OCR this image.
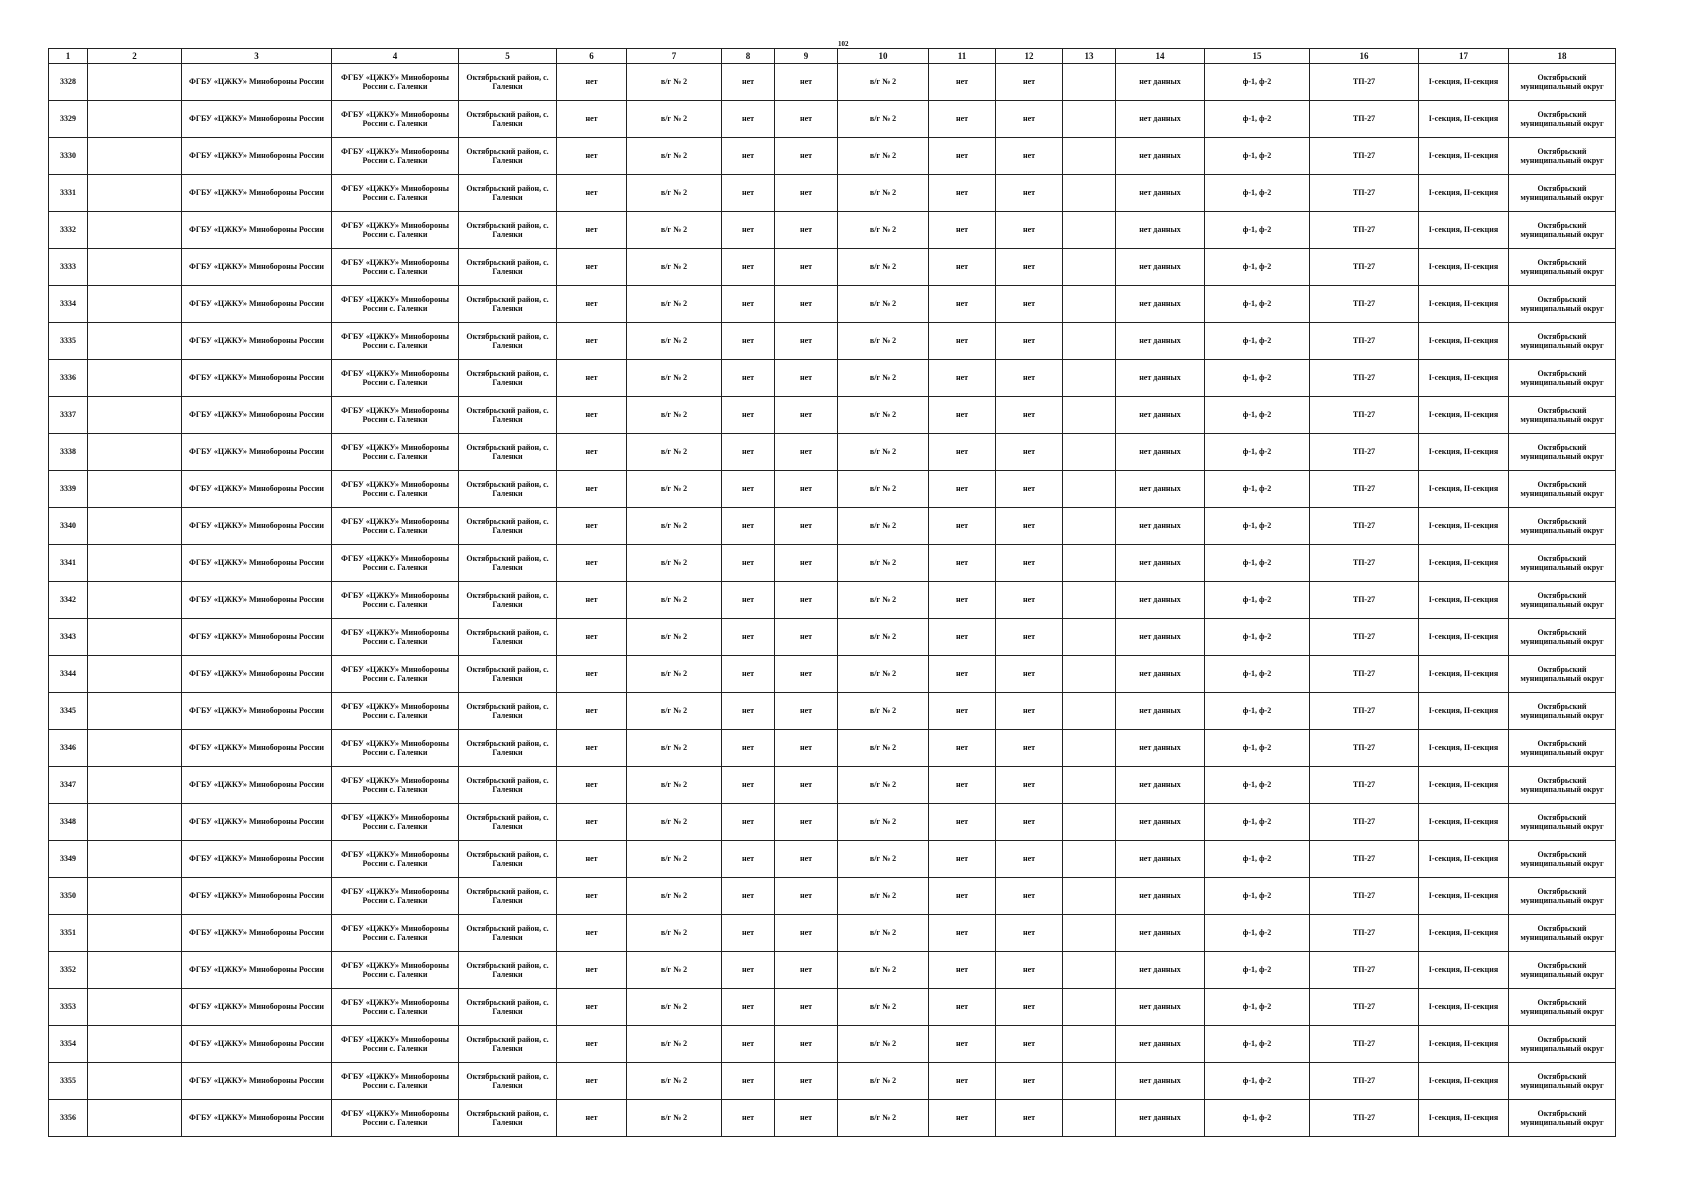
102
1	2	3	4	5	6	7	8	9	10	11	12	13	14	15	16	17	18
3328		ФГБУ «ЦЖКУ» Минобороны России	ФГБУ «ЦЖКУ» Минобороны России с. Галенки	Октябрьский район, с. Галенки	нет	в/г № 2	нет	нет	в/г № 2	нет	нет		нет данных	ф-1, ф-2	ТП-27	I-секция, II-секция	Октябрьский муниципальный округ
3329		ФГБУ «ЦЖКУ» Минобороны России	ФГБУ «ЦЖКУ» Минобороны России с. Галенки	Октябрьский район, с. Галенки	нет	в/г № 2	нет	нет	в/г № 2	нет	нет		нет данных	ф-1, ф-2	ТП-27	I-секция, II-секция	Октябрьский муниципальный округ
3330		ФГБУ «ЦЖКУ» Минобороны России	ФГБУ «ЦЖКУ» Минобороны России с. Галенки	Октябрьский район, с. Галенки	нет	в/г № 2	нет	нет	в/г № 2	нет	нет		нет данных	ф-1, ф-2	ТП-27	I-секция, II-секция	Октябрьский муниципальный округ
3331		ФГБУ «ЦЖКУ» Минобороны России	ФГБУ «ЦЖКУ» Минобороны России с. Галенки	Октябрьский район, с. Галенки	нет	в/г № 2	нет	нет	в/г № 2	нет	нет		нет данных	ф-1, ф-2	ТП-27	I-секция, II-секция	Октябрьский муниципальный округ
3332		ФГБУ «ЦЖКУ» Минобороны России	ФГБУ «ЦЖКУ» Минобороны России с. Галенки	Октябрьский район, с. Галенки	нет	в/г № 2	нет	нет	в/г № 2	нет	нет		нет данных	ф-1, ф-2	ТП-27	I-секция, II-секция	Октябрьский муниципальный округ
3333		ФГБУ «ЦЖКУ» Минобороны России	ФГБУ «ЦЖКУ» Минобороны России с. Галенки	Октябрьский район, с. Галенки	нет	в/г № 2	нет	нет	в/г № 2	нет	нет		нет данных	ф-1, ф-2	ТП-27	I-секция, II-секция	Октябрьский муниципальный округ
3334		ФГБУ «ЦЖКУ» Минобороны России	ФГБУ «ЦЖКУ» Минобороны России с. Галенки	Октябрьский район, с. Галенки	нет	в/г № 2	нет	нет	в/г № 2	нет	нет		нет данных	ф-1, ф-2	ТП-27	I-секция, II-секция	Октябрьский муниципальный округ
3335		ФГБУ «ЦЖКУ» Минобороны России	ФГБУ «ЦЖКУ» Минобороны России с. Галенки	Октябрьский район, с. Галенки	нет	в/г № 2	нет	нет	в/г № 2	нет	нет		нет данных	ф-1, ф-2	ТП-27	I-секция, II-секция	Октябрьский муниципальный округ
3336		ФГБУ «ЦЖКУ» Минобороны России	ФГБУ «ЦЖКУ» Минобороны России с. Галенки	Октябрьский район, с. Галенки	нет	в/г № 2	нет	нет	в/г № 2	нет	нет		нет данных	ф-1, ф-2	ТП-27	I-секция, II-секция	Октябрьский муниципальный округ
3337		ФГБУ «ЦЖКУ» Минобороны России	ФГБУ «ЦЖКУ» Минобороны России с. Галенки	Октябрьский район, с. Галенки	нет	в/г № 2	нет	нет	в/г № 2	нет	нет		нет данных	ф-1, ф-2	ТП-27	I-секция, II-секция	Октябрьский муниципальный округ
3338		ФГБУ «ЦЖКУ» Минобороны России	ФГБУ «ЦЖКУ» Минобороны России с. Галенки	Октябрьский район, с. Галенки	нет	в/г № 2	нет	нет	в/г № 2	нет	нет		нет данных	ф-1, ф-2	ТП-27	I-секция, II-секция	Октябрьский муниципальный округ
3339		ФГБУ «ЦЖКУ» Минобороны России	ФГБУ «ЦЖКУ» Минобороны России с. Галенки	Октябрьский район, с. Галенки	нет	в/г № 2	нет	нет	в/г № 2	нет	нет		нет данных	ф-1, ф-2	ТП-27	I-секция, II-секция	Октябрьский муниципальный округ
3340		ФГБУ «ЦЖКУ» Минобороны России	ФГБУ «ЦЖКУ» Минобороны России с. Галенки	Октябрьский район, с. Галенки	нет	в/г № 2	нет	нет	в/г № 2	нет	нет		нет данных	ф-1, ф-2	ТП-27	I-секция, II-секция	Октябрьский муниципальный округ
3341		ФГБУ «ЦЖКУ» Минобороны России	ФГБУ «ЦЖКУ» Минобороны России с. Галенки	Октябрьский район, с. Галенки	нет	в/г № 2	нет	нет	в/г № 2	нет	нет		нет данных	ф-1, ф-2	ТП-27	I-секция, II-секция	Октябрьский муниципальный округ
3342		ФГБУ «ЦЖКУ» Минобороны России	ФГБУ «ЦЖКУ» Минобороны России с. Галенки	Октябрьский район, с. Галенки	нет	в/г № 2	нет	нет	в/г № 2	нет	нет		нет данных	ф-1, ф-2	ТП-27	I-секция, II-секция	Октябрьский муниципальный округ
3343		ФГБУ «ЦЖКУ» Минобороны России	ФГБУ «ЦЖКУ» Минобороны России с. Галенки	Октябрьский район, с. Галенки	нет	в/г № 2	нет	нет	в/г № 2	нет	нет		нет данных	ф-1, ф-2	ТП-27	I-секция, II-секция	Октябрьский муниципальный округ
3344		ФГБУ «ЦЖКУ» Минобороны России	ФГБУ «ЦЖКУ» Минобороны России с. Галенки	Октябрьский район, с. Галенки	нет	в/г № 2	нет	нет	в/г № 2	нет	нет		нет данных	ф-1, ф-2	ТП-27	I-секция, II-секция	Октябрьский муниципальный округ
3345		ФГБУ «ЦЖКУ» Минобороны России	ФГБУ «ЦЖКУ» Минобороны России с. Галенки	Октябрьский район, с. Галенки	нет	в/г № 2	нет	нет	в/г № 2	нет	нет		нет данных	ф-1, ф-2	ТП-27	I-секция, II-секция	Октябрьский муниципальный округ
3346		ФГБУ «ЦЖКУ» Минобороны России	ФГБУ «ЦЖКУ» Минобороны России с. Галенки	Октябрьский район, с. Галенки	нет	в/г № 2	нет	нет	в/г № 2	нет	нет		нет данных	ф-1, ф-2	ТП-27	I-секция, II-секция	Октябрьский муниципальный округ
3347		ФГБУ «ЦЖКУ» Минобороны России	ФГБУ «ЦЖКУ» Минобороны России с. Галенки	Октябрьский район, с. Галенки	нет	в/г № 2	нет	нет	в/г № 2	нет	нет		нет данных	ф-1, ф-2	ТП-27	I-секция, II-секция	Октябрьский муниципальный округ
3348		ФГБУ «ЦЖКУ» Минобороны России	ФГБУ «ЦЖКУ» Минобороны России с. Галенки	Октябрьский район, с. Галенки	нет	в/г № 2	нет	нет	в/г № 2	нет	нет		нет данных	ф-1, ф-2	ТП-27	I-секция, II-секция	Октябрьский муниципальный округ
3349		ФГБУ «ЦЖКУ» Минобороны России	ФГБУ «ЦЖКУ» Минобороны России с. Галенки	Октябрьский район, с. Галенки	нет	в/г № 2	нет	нет	в/г № 2	нет	нет		нет данных	ф-1, ф-2	ТП-27	I-секция, II-секция	Октябрьский муниципальный округ
3350		ФГБУ «ЦЖКУ» Минобороны России	ФГБУ «ЦЖКУ» Минобороны России с. Галенки	Октябрьский район, с. Галенки	нет	в/г № 2	нет	нет	в/г № 2	нет	нет		нет данных	ф-1, ф-2	ТП-27	I-секция, II-секция	Октябрьский муниципальный округ
3351		ФГБУ «ЦЖКУ» Минобороны России	ФГБУ «ЦЖКУ» Минобороны России с. Галенки	Октябрьский район, с. Галенки	нет	в/г № 2	нет	нет	в/г № 2	нет	нет		нет данных	ф-1, ф-2	ТП-27	I-секция, II-секция	Октябрьский муниципальный округ
3352		ФГБУ «ЦЖКУ» Минобороны России	ФГБУ «ЦЖКУ» Минобороны России с. Галенки	Октябрьский район, с. Галенки	нет	в/г № 2	нет	нет	в/г № 2	нет	нет		нет данных	ф-1, ф-2	ТП-27	I-секция, II-секция	Октябрьский муниципальный округ
3353		ФГБУ «ЦЖКУ» Минобороны России	ФГБУ «ЦЖКУ» Минобороны России с. Галенки	Октябрьский район, с. Галенки	нет	в/г № 2	нет	нет	в/г № 2	нет	нет		нет данных	ф-1, ф-2	ТП-27	I-секция, II-секция	Октябрьский муниципальный округ
3354		ФГБУ «ЦЖКУ» Минобороны России	ФГБУ «ЦЖКУ» Минобороны России с. Галенки	Октябрьский район, с. Галенки	нет	в/г № 2	нет	нет	в/г № 2	нет	нет		нет данных	ф-1, ф-2	ТП-27	I-секция, II-секция	Октябрьский муниципальный округ
3355		ФГБУ «ЦЖКУ» Минобороны России	ФГБУ «ЦЖКУ» Минобороны России с. Галенки	Октябрьский район, с. Галенки	нет	в/г № 2	нет	нет	в/г № 2	нет	нет		нет данных	ф-1, ф-2	ТП-27	I-секция, II-секция	Октябрьский муниципальный округ
3356		ФГБУ «ЦЖКУ» Минобороны России	ФГБУ «ЦЖКУ» Минобороны России с. Галенки	Октябрьский район, с. Галенки	нет	в/г № 2	нет	нет	в/г № 2	нет	нет		нет данных	ф-1, ф-2	ТП-27	I-секция, II-секция	Октябрьский муниципальный округ
